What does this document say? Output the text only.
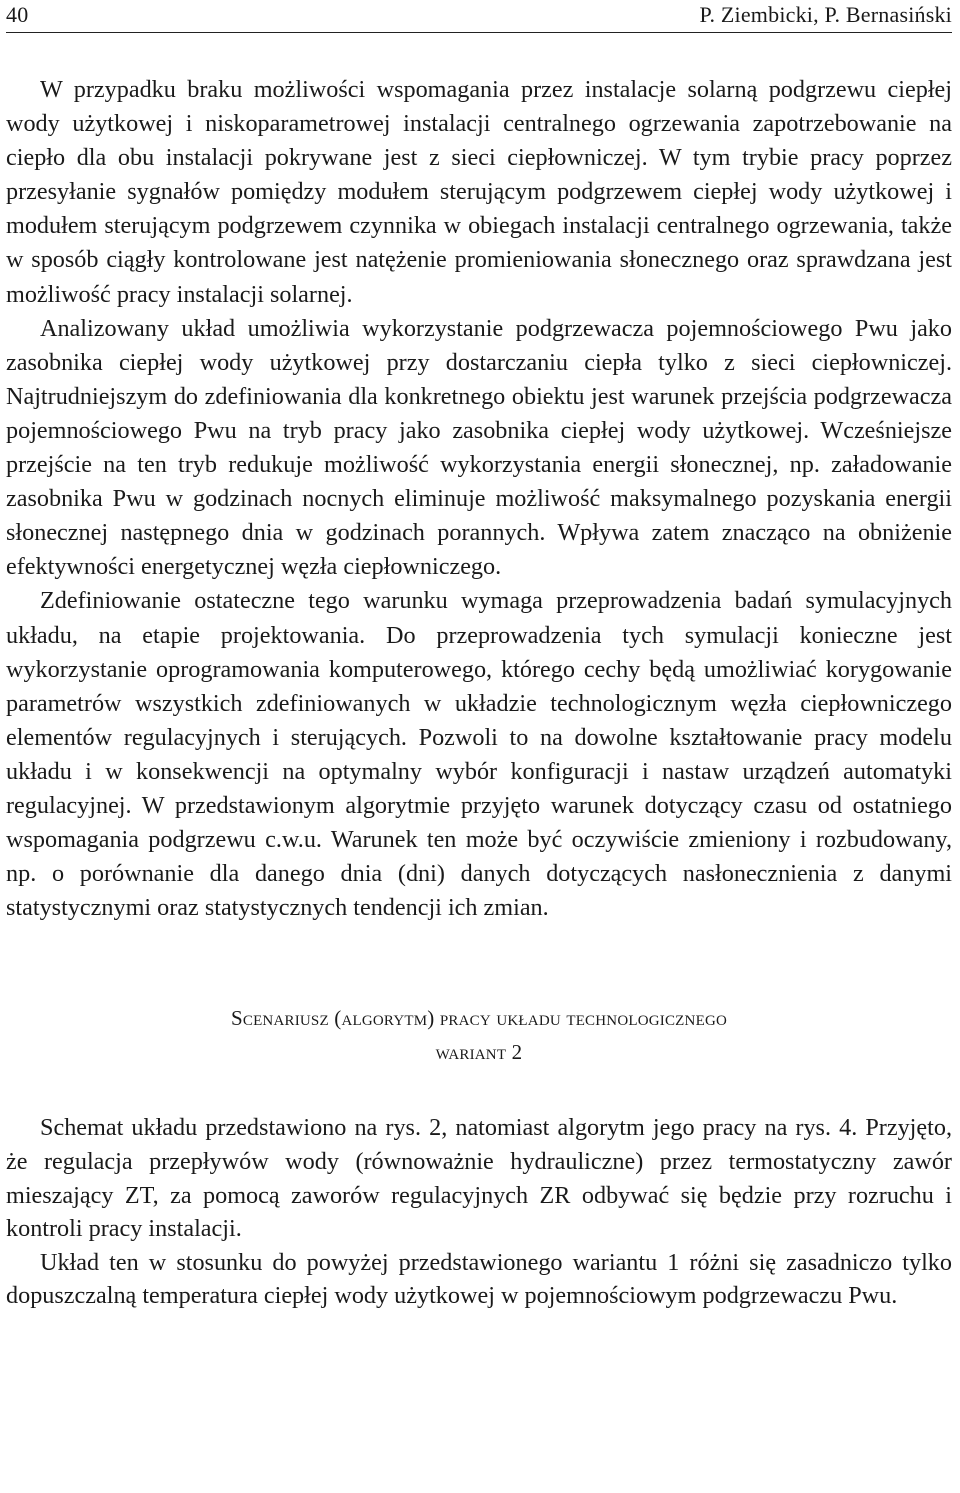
40	P. Ziembicki, P. Bernasiński

W przypadku braku możliwości wspomagania przez instalacje solarną podgrzewu ciepłej wody użytkowej i niskoparametrowej instalacji centralnego ogrzewania zapotrzebowanie na ciepło dla obu instalacji pokrywane jest z sieci ciepłowniczej. W tym trybie pracy poprzez przesyłanie sygnałów pomiędzy modułem sterującym podgrzewem ciepłej wody użytkowej i modułem sterującym podgrzewem czynnika w obiegach instalacji centralnego ogrzewania, także w sposób ciągły kontrolowane jest natężenie promieniowania słonecznego oraz sprawdzana jest możliwość pracy instalacji solarnej.

Analizowany układ umożliwia wykorzystanie podgrzewacza pojemnościowego Pwu jako zasobnika ciepłej wody użytkowej przy dostarczaniu ciepła tylko z sieci ciepłowniczej. Najtrudniejszym do zdefiniowania dla konkretnego obiektu jest warunek przejścia podgrzewacza pojemnościowego Pwu na tryb pracy jako zasobnika ciepłej wody użytkowej. Wcześniejsze przejście na ten tryb redukuje możliwość wykorzystania energii słonecznej, np. załadowanie zasobnika Pwu w godzinach nocnych eliminuje możliwość maksymalnego pozyskania energii słonecznej następnego dnia w godzinach porannych. Wpływa zatem znacząco na obniżenie efektywności energetycznej węzła ciepłowniczego.

Zdefiniowanie ostateczne tego warunku wymaga przeprowadzenia badań symulacyjnych układu, na etapie projektowania. Do przeprowadzenia tych symulacji konieczne jest wykorzystanie oprogramowania komputerowego, którego cechy będą umożliwiać korygowanie parametrów wszystkich zdefiniowanych w układzie technologicznym węzła ciepłowniczego elementów regulacyjnych i sterujących. Pozwoli to na dowolne kształtowanie pracy modelu układu i w konsekwencji na optymalny wybór konfiguracji i nastaw urządzeń automatyki regulacyjnej. W przedstawionym algorytmie przyjęto warunek dotyczący czasu od ostatniego wspomagania podgrzewu c.w.u. Warunek ten może być oczywiście zmieniony i rozbudowany, np. o porównanie dla danego dnia (dni) danych dotyczących nasłonecznienia z danymi statystycznymi oraz statystycznych tendencji ich zmian.

Scenariusz (algorytm) pracy układu technologicznego
wariant 2

Schemat układu przedstawiono na rys. 2, natomiast algorytm jego pracy na rys. 4. Przyjęto, że regulacja przepływów wody (równoważnie hydrauliczne) przez termostatyczny zawór mieszający ZT, za pomocą zaworów regulacyjnych ZR odbywać się będzie przy rozruchu i kontroli pracy instalacji.

Układ ten w stosunku do powyżej przedstawionego wariantu 1 różni się zasadniczo tylko dopuszczalną temperatura ciepłej wody użytkowej w pojemnościowym podgrzewaczu Pwu.
